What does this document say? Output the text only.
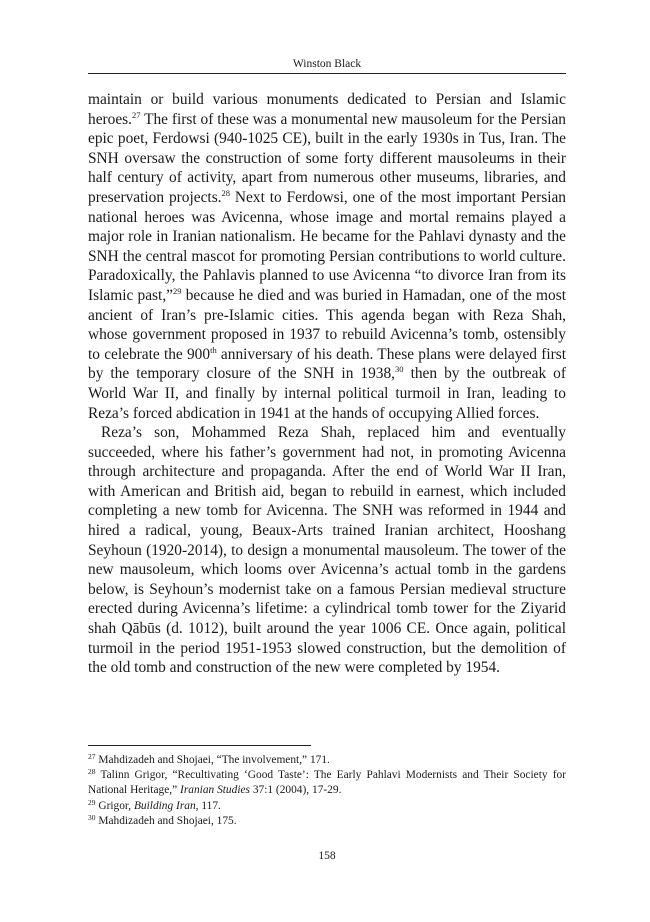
Winston Black

maintain or build various monuments dedicated to Persian and Islamic heroes.$^{27}$ The first of these was a monumental new mausoleum for the Persian epic poet, Ferdowsi (940-1025 CE), built in the early 1930s in Tus, Iran. The SNH oversaw the construction of some forty different mausoleums in their half century of activity, apart from numerous other museums, libraries, and preservation projects.$^{28}$ Next to Ferdowsi, one of the most important Persian national heroes was Avicenna, whose image and mortal remains played a major role in Iranian nationalism. He became for the Pahlavi dynasty and the SNH the central mascot for promoting Persian contributions to world culture. Paradoxically, the Pahlavis planned to use Avicenna “to divorce Iran from its Islamic past,”$^{29}$ because he died and was buried in Hamadan, one of the most ancient of Iran’s pre-Islamic cities. This agenda began with Reza Shah, whose government proposed in 1937 to rebuild Avicenna’s tomb, ostensibly to celebrate the 900th anniversary of his death. These plans were delayed first by the temporary closure of the SNH in 1938,30 then by the outbreak of World War II, and finally by internal political turmoil in Iran, leading to Reza’s forced abdication in 1941 at the hands of occupying Allied forces.

Reza’s son, Mohammed Reza Shah, replaced him and eventually succeeded, where his father’s government had not, in promoting Avicenna through architecture and propaganda. After the end of World War II Iran, with American and British aid, began to rebuild in earnest, which included completing a new tomb for Avicenna. The SNH was reformed in 1944 and hired a radical, young, Beaux-Arts trained Iranian architect, Hooshang Seyhoun (1920-2014), to design a monumental mausoleum. The tower of the new mausoleum, which looms over Avicenna’s actual tomb in the gardens below, is Seyhoun’s modernist take on a famous Persian medieval structure erected during Avicenna’s lifetime: a cylindrical tomb tower for the Ziyarid shah Qābūs (d. 1012), built around the year 1006 CE. Once again, political turmoil in the period 1951-1953 slowed construction, but the demolition of the old tomb and construction of the new were completed by 1954.

$^{27}$ Mahdizadeh and Shojaei, “The involvement,” 171.

$^{28}$ Talinn Grigor, “Recultivating ‘Good Taste’: The Early Pahlavi Modernists and Their Society for National Heritage,” Iranian Studies 37:1 (2004), 17-29.

$^{29}$ Grigor, Building Iran, 117.

$^{30}$ Mahdizadeh and Shojaei, 175.

158
